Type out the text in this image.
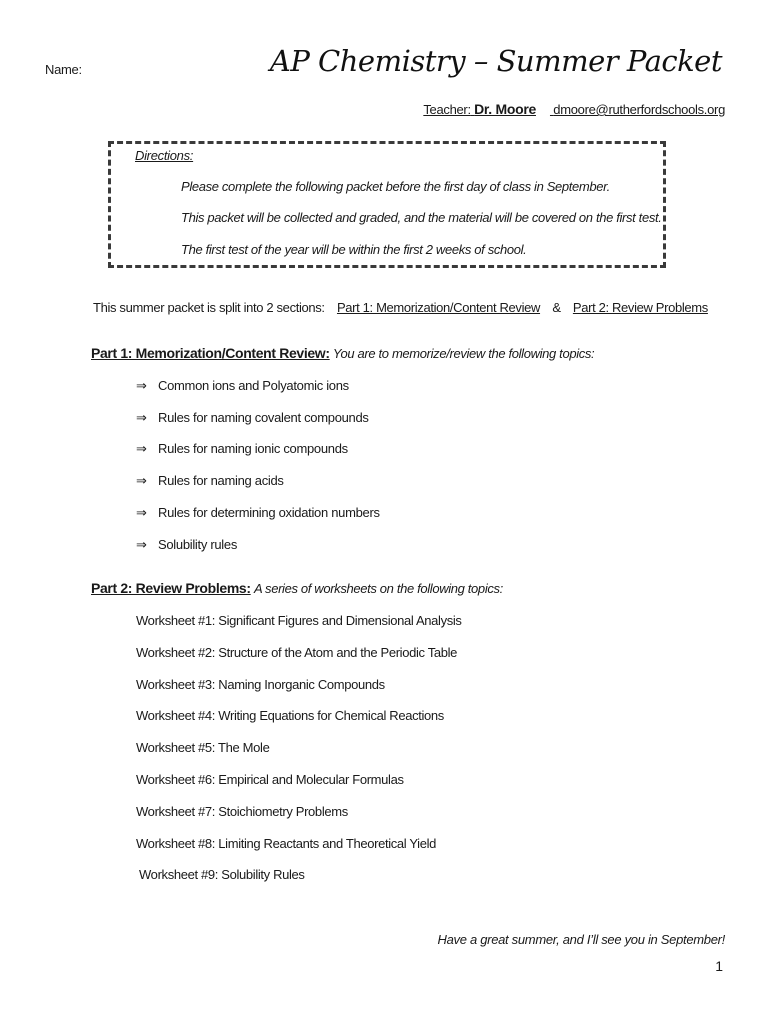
Name:	AP Chemistry – Summer Packet
Teacher: Dr. Moore dmoore@rutherfordschools.org
Directions:
Please complete the following packet before the first day of class in September.
This packet will be collected and graded, and the material will be covered on the first test.
The first test of the year will be within the first 2 weeks of school.
This summer packet is split into 2 sections: Part 1: Memorization/Content Review & Part 2: Review Problems
Part 1: Memorization/Content Review: You are to memorize/review the following topics:
⇒ Common ions and Polyatomic ions
⇒ Rules for naming covalent compounds
⇒ Rules for naming ionic compounds
⇒ Rules for naming acids
⇒ Rules for determining oxidation numbers
⇒ Solubility rules
Part 2: Review Problems: A series of worksheets on the following topics:
Worksheet #1: Significant Figures and Dimensional Analysis
Worksheet #2: Structure of the Atom and the Periodic Table
Worksheet #3: Naming Inorganic Compounds
Worksheet #4: Writing Equations for Chemical Reactions
Worksheet #5: The Mole
Worksheet #6: Empirical and Molecular Formulas
Worksheet #7: Stoichiometry Problems
Worksheet #8: Limiting Reactants and Theoretical Yield
Worksheet #9: Solubility Rules
Have a great summer, and I’ll see you in September!
1
